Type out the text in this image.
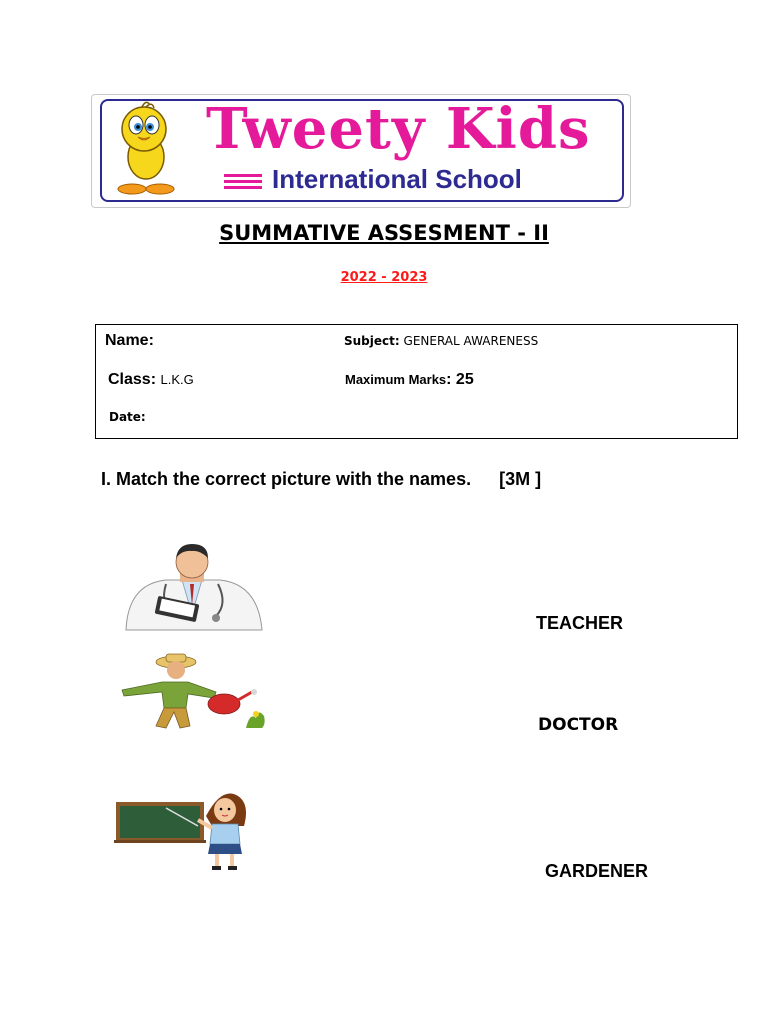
Tweety Kids
International School
SUMMATIVE ASSESMENT - II
2022 - 2023
Name:	Subject: GENERAL AWARENESS
Class: L.K.G	Maximum Marks: 25
Date:
I. Match the correct picture with the names. [3M ]
TEACHER
DOCTOR
GARDENER
